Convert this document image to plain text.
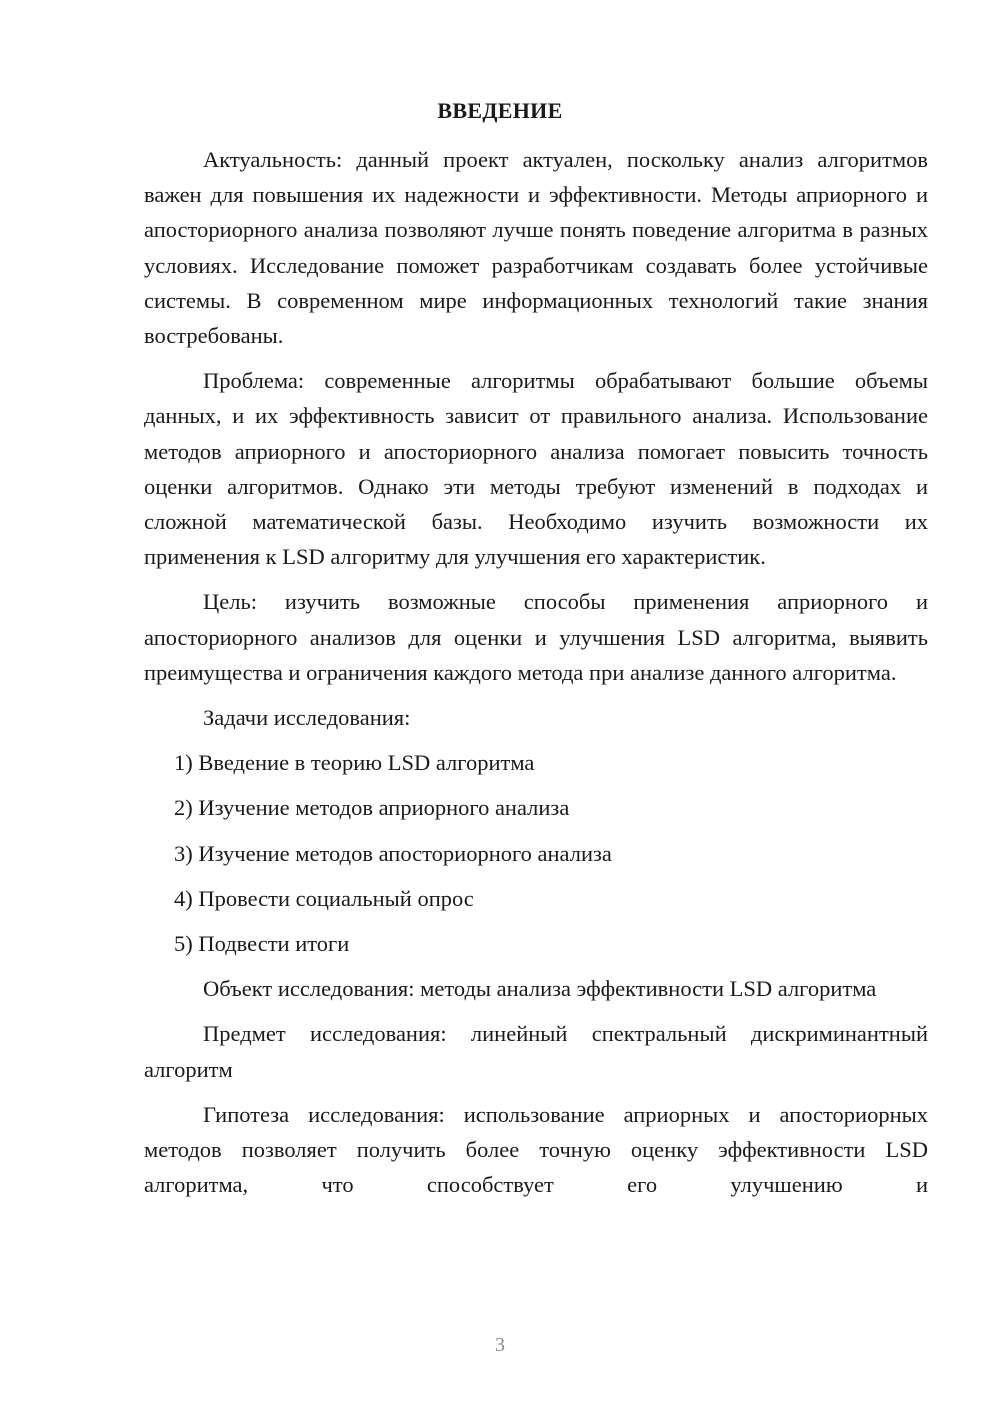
ВВЕДЕНИЕ

Актуальность: данный проект актуален, поскольку анализ алгоритмов важен для повышения их надежности и эффективности. Методы априорного и апосториорного анализа позволяют лучше понять поведение алгоритма в разных условиях. Исследование поможет разработчикам создавать более устойчивые системы. В современном мире информационных технологий такие знания востребованы.

Проблема: современные алгоритмы обрабатывают большие объемы данных, и их эффективность зависит от правильного анализа. Использование методов априорного и апосториорного анализа помогает повысить точность оценки алгоритмов. Однако эти методы требуют изменений в подходах и сложной математической базы. Необходимо изучить возможности их применения к LSD алгоритму для улучшения его характеристик.

Цель: изучить возможные способы применения априорного и апосториорного анализов для оценки и улучшения LSD алгоритма, выявить преимущества и ограничения каждого метода при анализе данного алгоритма.

Задачи исследования:

1) Введение в теорию LSD алгоритма
2) Изучение методов априорного анализа
3) Изучение методов апосториорного анализа
4) Провести социальный опрос
5) Подвести итоги

Объект исследования: методы анализа эффективности LSD алгоритма

Предмет исследования: линейный спектральный дискриминантный алгоритм

Гипотеза исследования: использование априорных и апосториорных методов позволяет получить более точную оценку эффективности LSD алгоритма, что способствует его улучшению и

3
